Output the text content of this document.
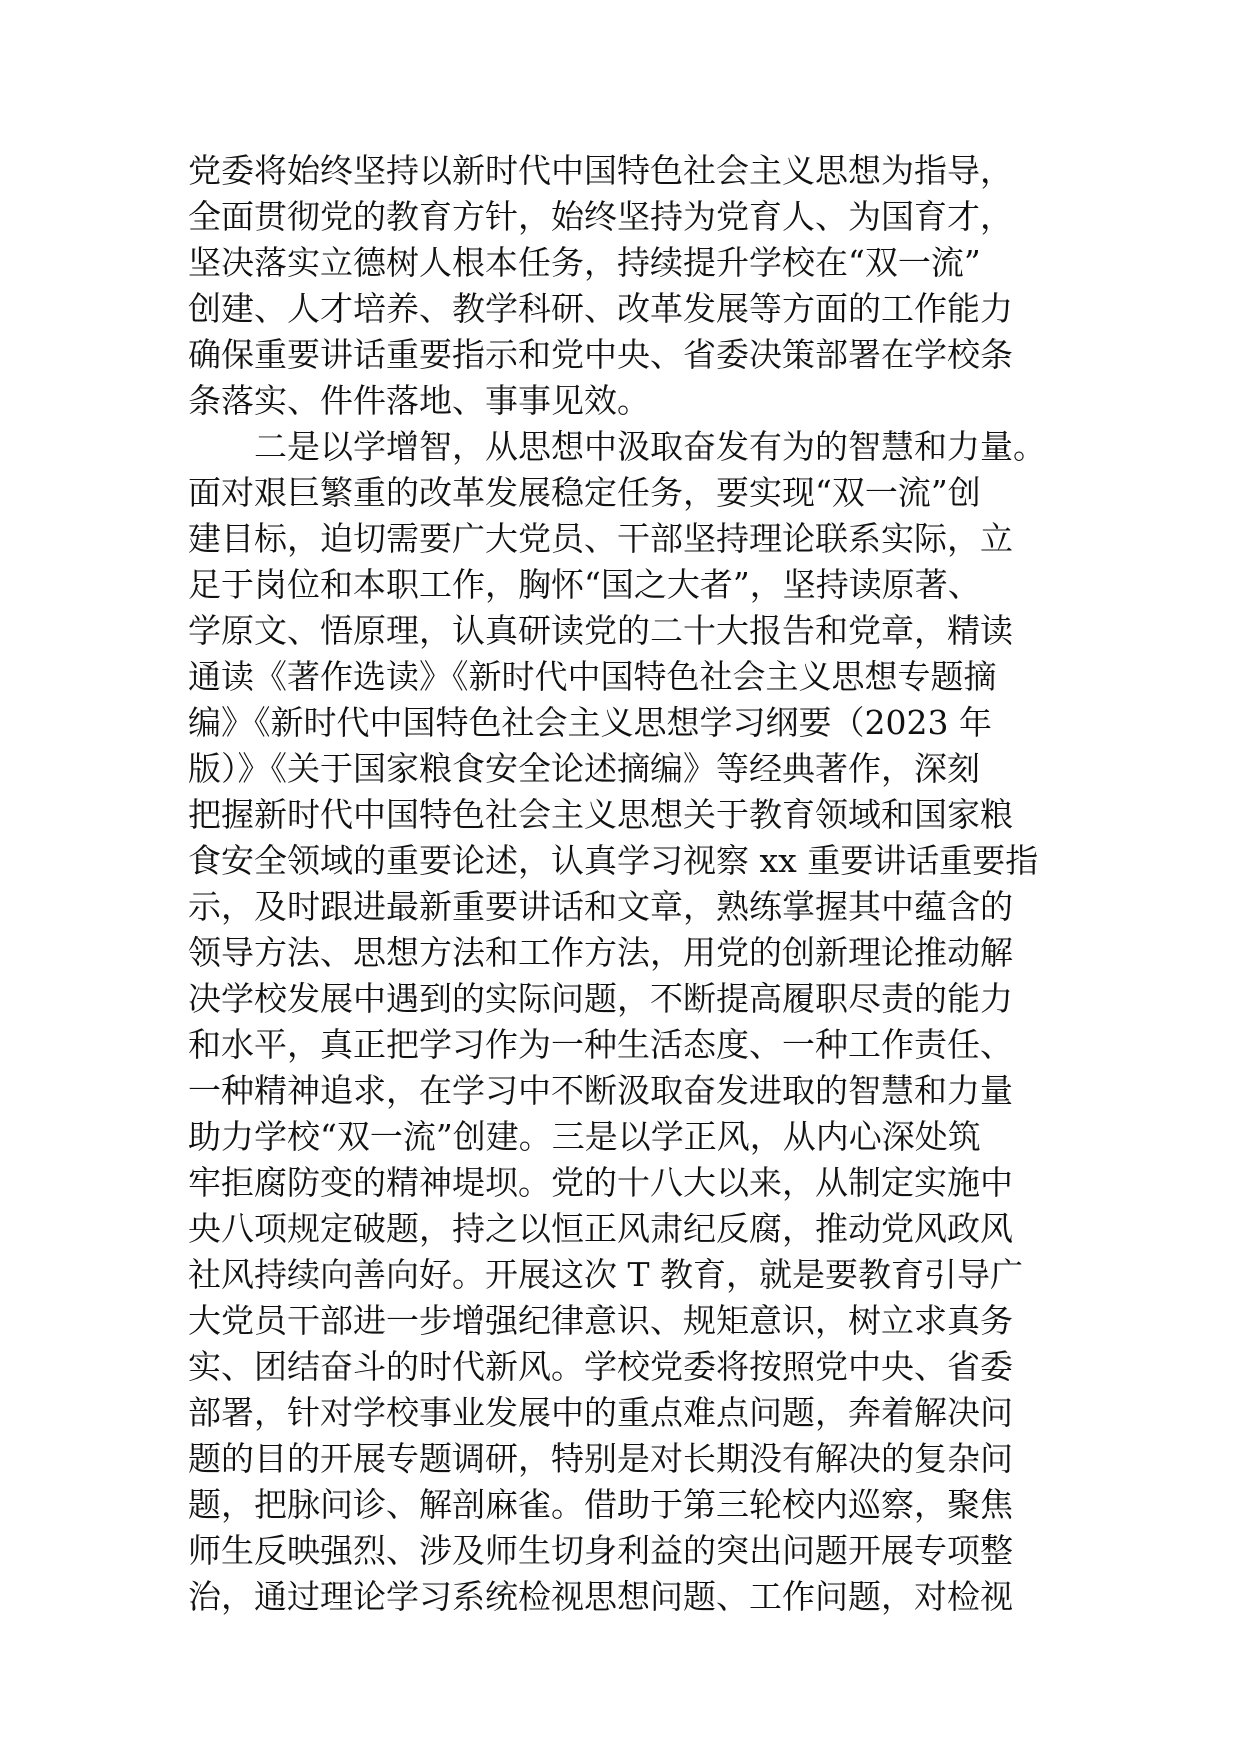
党委将始终坚持以新时代中国特色社会主义思想为指导，
全面贯彻党的教育方针，始终坚持为党育人、为国育才，
坚决落实立德树人根本任务，持续提升学校在“双一流”
创建、人才培养、教学科研、改革发展等方面的工作能力
确保重要讲话重要指示和党中央、省委决策部署在学校条
条落实、件件落地、事事见效。
二是以学增智，从思想中汲取奋发有为的智慧和力量。
面对艰巨繁重的改革发展稳定任务，要实现“双一流”创
建目标，迫切需要广大党员、干部坚持理论联系实际，立
足于岗位和本职工作，胸怀“国之大者”，坚持读原著、
学原文、悟原理，认真研读党的二十大报告和党章，精读
通读《著作选读》《新时代中国特色社会主义思想专题摘
编》《新时代中国特色社会主义思想学习纲要（2023 年
版）》《关于国家粮食安全论述摘编》等经典著作，深刻
把握新时代中国特色社会主义思想关于教育领域和国家粮
食安全领域的重要论述，认真学习视察 xx 重要讲话重要指
示，及时跟进最新重要讲话和文章，熟练掌握其中蕴含的
领导方法、思想方法和工作方法，用党的创新理论推动解
决学校发展中遇到的实际问题，不断提高履职尽责的能力
和水平，真正把学习作为一种生活态度、一种工作责任、
一种精神追求，在学习中不断汲取奋发进取的智慧和力量
助力学校“双一流”创建。三是以学正风，从内心深处筑
牢拒腐防变的精神堤坝。党的十八大以来，从制定实施中
央八项规定破题，持之以恒正风肃纪反腐，推动党风政风
社风持续向善向好。开展这次 T 教育，就是要教育引导广
大党员干部进一步增强纪律意识、规矩意识，树立求真务
实、团结奋斗的时代新风。学校党委将按照党中央、省委
部署，针对学校事业发展中的重点难点问题，奔着解决问
题的目的开展专题调研，特别是对长期没有解决的复杂问
题，把脉问诊、解剖麻雀。借助于第三轮校内巡察，聚焦
师生反映强烈、涉及师生切身利益的突出问题开展专项整
治，通过理论学习系统检视思想问题、工作问题，对检视
